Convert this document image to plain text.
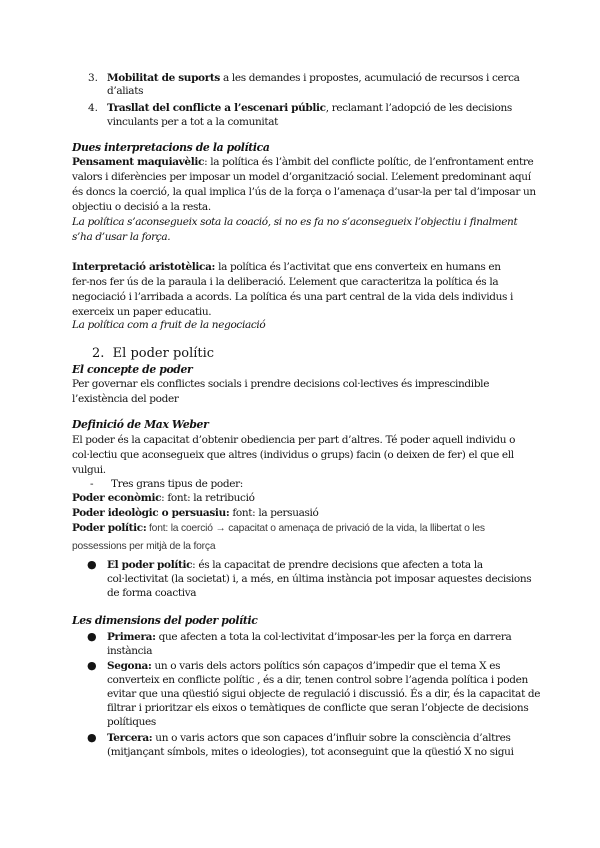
3. Mobilitat de suports a les demandes i propostes, acumulació de recursos i cerca
d’aliats
4. Trasllat del conflicte a l’escenari públic, reclamant l’adopció de les decisions
vinculants per a tot a la comunitat
Dues interpretacions de la política
Pensament maquiavèlic: la política és l’àmbit del conflicte polític, de l’enfrontament entre
valors i diferències per imposar un model d’organització social. L’element predominant aquí
és doncs la coerció, la qual implica l’ús de la força o l’amenaça d’usar-la per tal d’imposar un
objectiu o decisió a la resta.
La política s’aconsegueix sota la coació, si no es fa no s’aconsegueix l’objectiu i finalment
s’ha d’usar la força.
Interpretació aristotèlica: la política és l’activitat que ens converteix en humans en
fer-nos fer ús de la paraula i la deliberació. L’element que caracteritza la política és la
negociació i l’arribada a acords. La política és una part central de la vida dels individus i
exerceix un paper educatiu.
La política com a fruit de la negociació
2. El poder polític
El concepte de poder
Per governar els conflictes socials i prendre decisions col·lectives és imprescindible
l’existència del poder
Definició de Max Weber
El poder és la capacitat d’obtenir obediencia per part d’altres. Té poder aquell individu o
col·lectiu que aconsegueix que altres (individus o grups) facin (o deixen de fer) el que ell
vulgui.
- Tres grans tipus de poder:
Poder econòmic: font: la retribució
Poder ideològic o persuasiu: font: la persuasió
Poder polític: font: la coerció → capacitat o amenaça de privació de la vida, la llibertat o les
possessions per mitjà de la força
● El poder polític: és la capacitat de prendre decisions que afecten a tota la
col·lectivitat (la societat) i, a més, en última instància pot imposar aquestes decisions
de forma coactiva
Les dimensions del poder polític
● Primera: que afecten a tota la col·lectivitat d’imposar-les per la força en darrera
instància
● Segona: un o varis dels actors polítics són capaços d’impedir que el tema X es
converteix en conflicte polític , és a dir, tenen control sobre l’agenda política i poden
evitar que una qüestió sigui objecte de regulació i discussió. És a dir, és la capacitat de
filtrar i prioritzar els eixos o temàtiques de conflicte que seran l’objecte de decisions
polítiques
● Tercera: un o varis actors que son capaces d’influir sobre la consciència d’altres
(mitjançant símbols, mites o ideologies), tot aconseguint que la qüestió X no sigui
